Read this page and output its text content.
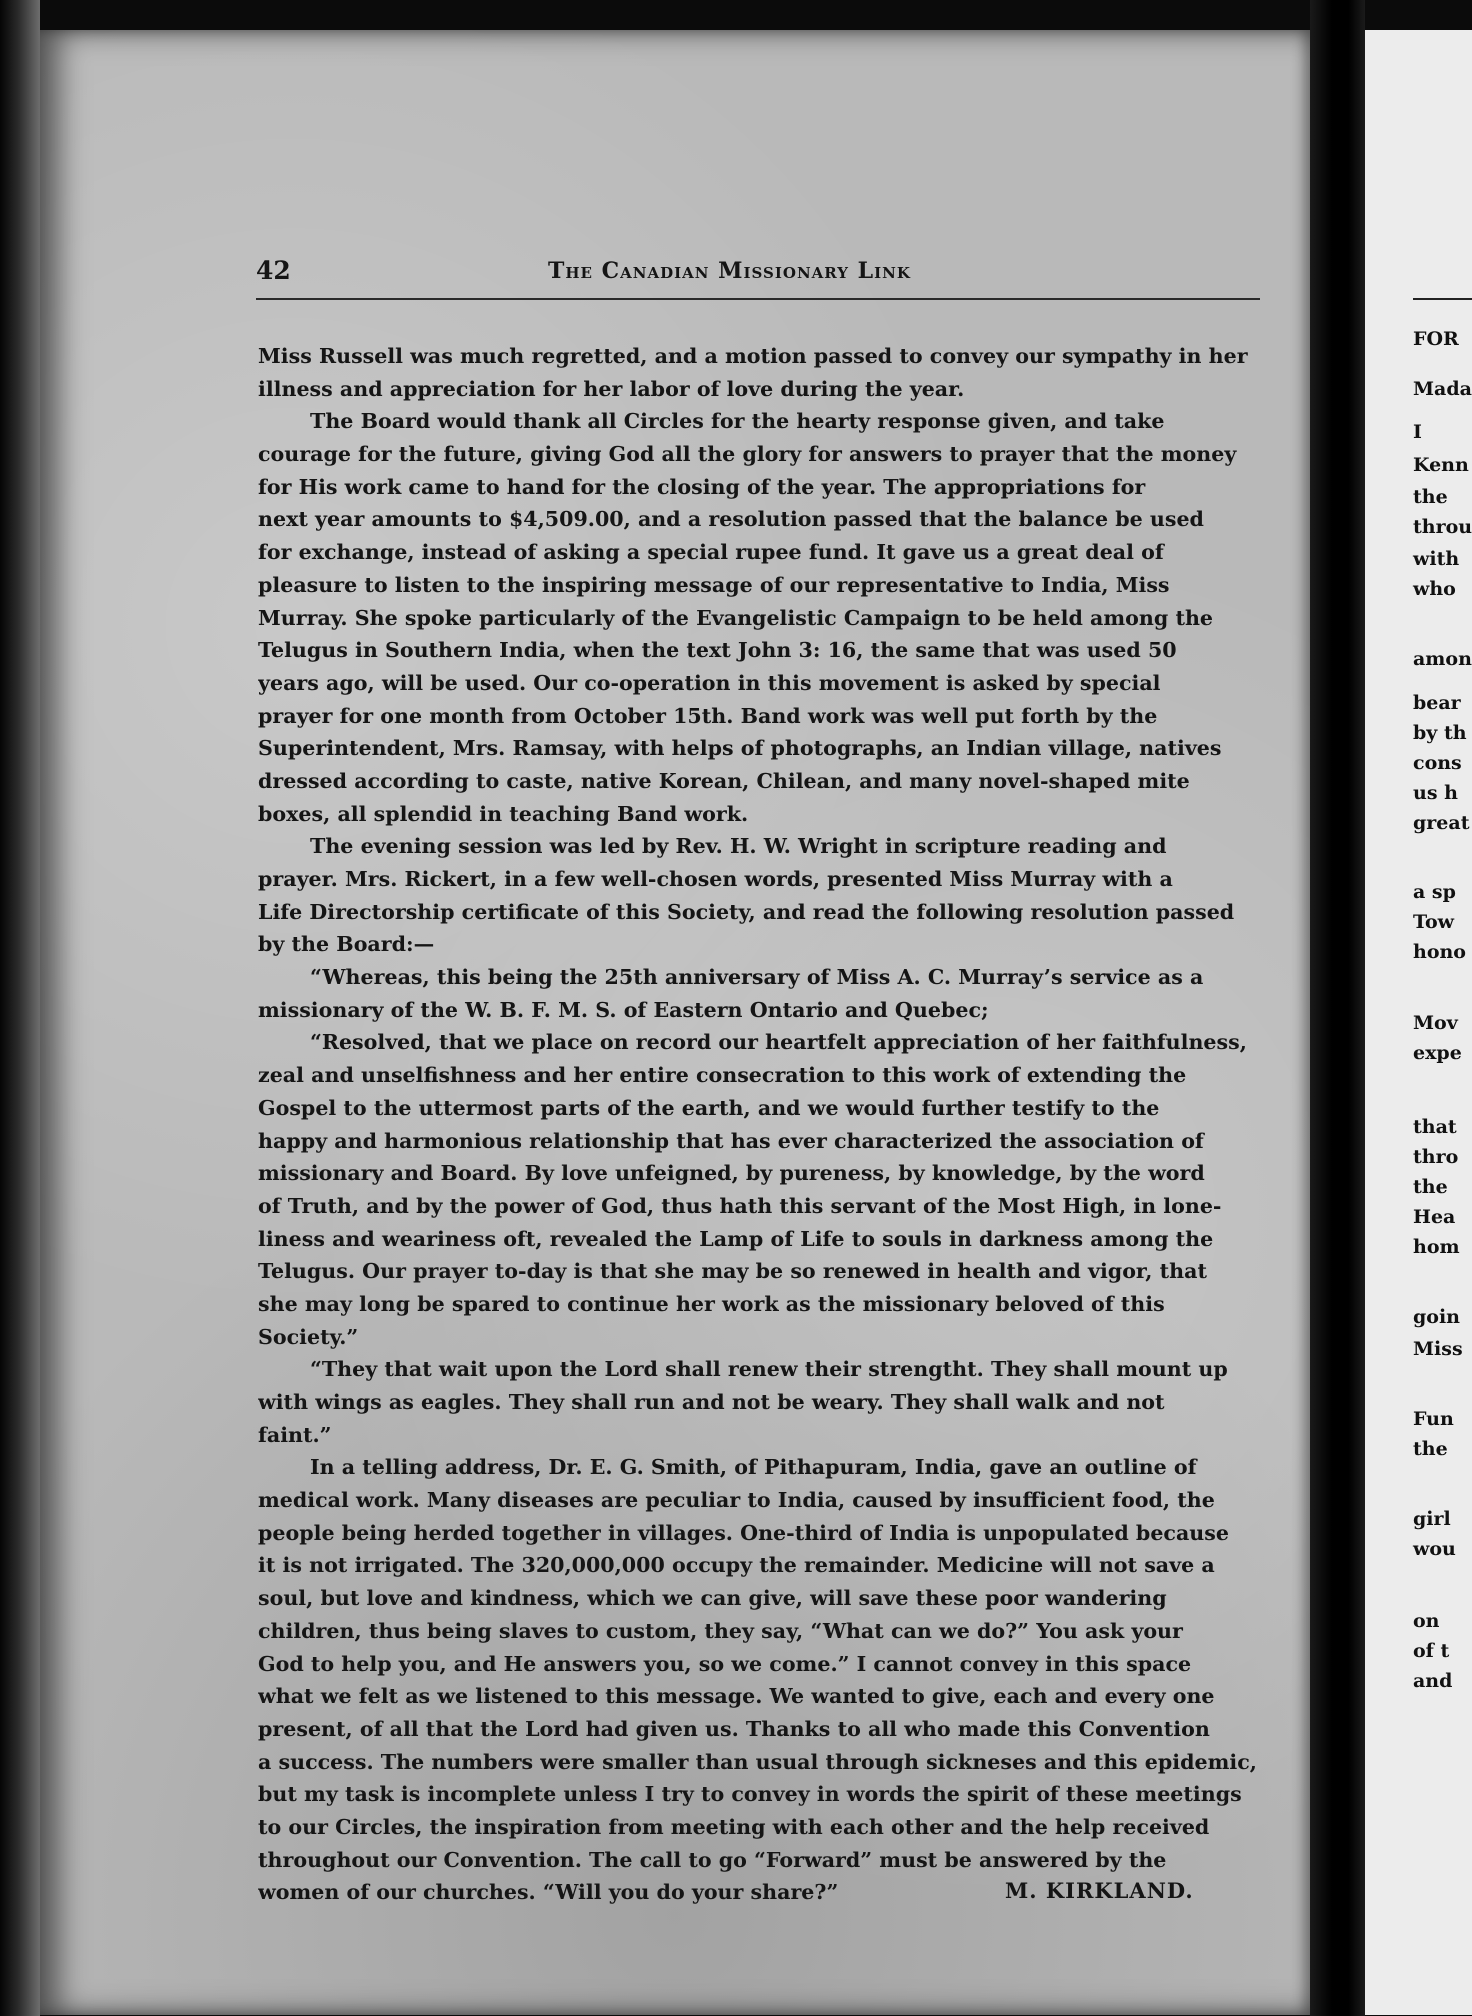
42	The Canadian Missionary Link
Miss Russell was much regretted, and a motion passed to convey our sympathy in her
illness and appreciation for her labor of love during the year.
The Board would thank all Circles for the hearty response given, and take
courage for the future, giving God all the glory for answers to prayer that the money
for His work came to hand for the closing of the year. The appropriations for
next year amounts to $4,509.00, and a resolution passed that the balance be used
for exchange, instead of asking a special rupee fund. It gave us a great deal of
pleasure to listen to the inspiring message of our representative to India, Miss
Murray. She spoke particularly of the Evangelistic Campaign to be held among the
Telugus in Southern India, when the text John 3: 16, the same that was used 50
years ago, will be used. Our co-operation in this movement is asked by special
prayer for one month from October 15th. Band work was well put forth by the
Superintendent, Mrs. Ramsay, with helps of photographs, an Indian village, natives
dressed according to caste, native Korean, Chilean, and many novel-shaped mite
boxes, all splendid in teaching Band work.
The evening session was led by Rev. H. W. Wright in scripture reading and
prayer. Mrs. Rickert, in a few well-chosen words, presented Miss Murray with a
Life Directorship certificate of this Society, and read the following resolution passed
by the Board:—
“Whereas, this being the 25th anniversary of Miss A. C. Murray’s service as a
missionary of the W. B. F. M. S. of Eastern Ontario and Quebec;
“Resolved, that we place on record our heartfelt appreciation of her faithfulness,
zeal and unselfishness and her entire consecration to this work of extending the
Gospel to the uttermost parts of the earth, and we would further testify to the
happy and harmonious relationship that has ever characterized the association of
missionary and Board. By love unfeigned, by pureness, by knowledge, by the word
of Truth, and by the power of God, thus hath this servant of the Most High, in lone-
liness and weariness oft, revealed the Lamp of Life to souls in darkness among the
Telugus. Our prayer to-day is that she may be so renewed in health and vigor, that
she may long be spared to continue her work as the missionary beloved of this
Society.”
“They that wait upon the Lord shall renew their strengtht. They shall mount up
with wings as eagles. They shall run and not be weary. They shall walk and not
faint.”
In a telling address, Dr. E. G. Smith, of Pithapuram, India, gave an outline of
medical work. Many diseases are peculiar to India, caused by insufficient food, the
people being herded together in villages. One-third of India is unpopulated because
it is not irrigated. The 320,000,000 occupy the remainder. Medicine will not save a
soul, but love and kindness, which we can give, will save these poor wandering
children, thus being slaves to custom, they say, “What can we do?” You ask your
God to help you, and He answers you, so we come.” I cannot convey in this space
what we felt as we listened to this message. We wanted to give, each and every one
present, of all that the Lord had given us. Thanks to all who made this Convention
a success. The numbers were smaller than usual through sickneses and this epidemic,
but my task is incomplete unless I try to convey in words the spirit of these meetings
to our Circles, the inspiration from meeting with each other and the help received
throughout our Convention. The call to go “Forward” must be answered by the
women of our churches. “Will you do your share?”	M. KIRKLAND.
FOR
Mada
I
Kenn
the
throu
with
who
amon
bear
by th
cons
us h
great
a sp
Tow
hono
Mov
expe
that
thro
the
Hea
hom
goin
Miss
Fun
the
girl
wou
on
of t
and
